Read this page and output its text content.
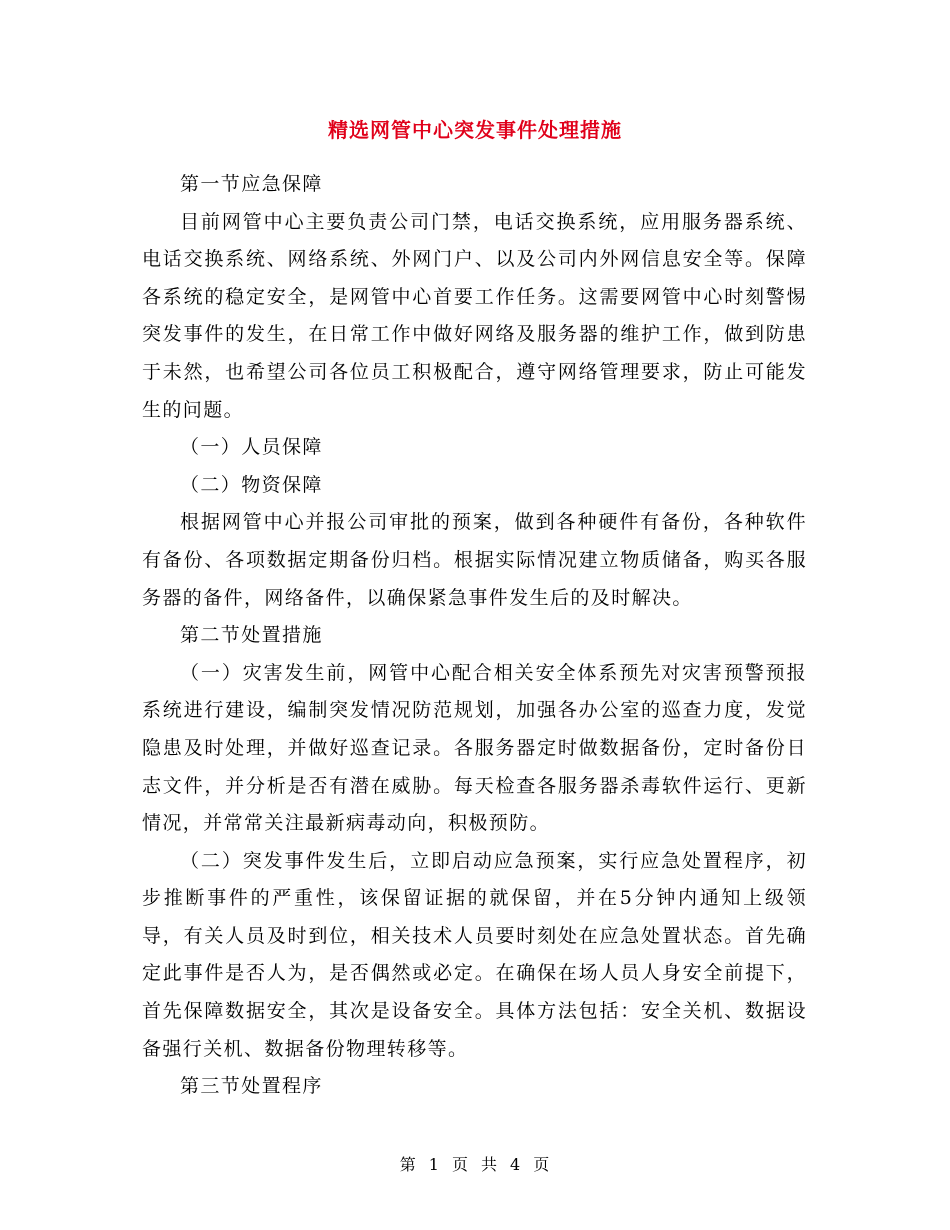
精选网管中心突发事件处理措施

第一节应急保障

目前网管中心主要负责公司门禁，电话交换系统，应用服务器系统、电话交换系统、网络系统、外网门户、以及公司内外网信息安全等。保障各系统的稳定安全，是网管中心首要工作任务。这需要网管中心时刻警惕突发事件的发生，在日常工作中做好网络及服务器的维护工作，做到防患于未然，也希望公司各位员工积极配合，遵守网络管理要求，防止可能发生的问题。

（一）人员保障

（二）物资保障

根据网管中心并报公司审批的预案，做到各种硬件有备份，各种软件有备份、各项数据定期备份归档。根据实际情况建立物质储备，购买各服务器的备件，网络备件，以确保紧急事件发生后的及时解决。

第二节处置措施

（一）灾害发生前，网管中心配合相关安全体系预先对灾害预警预报系统进行建设，编制突发情况防范规划，加强各办公室的巡查力度，发觉隐患及时处理，并做好巡查记录。各服务器定时做数据备份，定时备份日志文件，并分析是否有潜在威胁。每天检查各服务器杀毒软件运行、更新情况，并常常关注最新病毒动向，积极预防。

（二）突发事件发生后，立即启动应急预案，实行应急处置程序，初步推断事件的严重性，该保留证据的就保留，并在5分钟内通知上级领导，有关人员及时到位，相关技术人员要时刻处在应急处置状态。首先确定此事件是否人为，是否偶然或必定。在确保在场人员人身安全前提下，首先保障数据安全，其次是设备安全。具体方法包括：安全关机、数据设备强行关机、数据备份物理转移等。

第三节处置程序

第 1 页 共 4 页
